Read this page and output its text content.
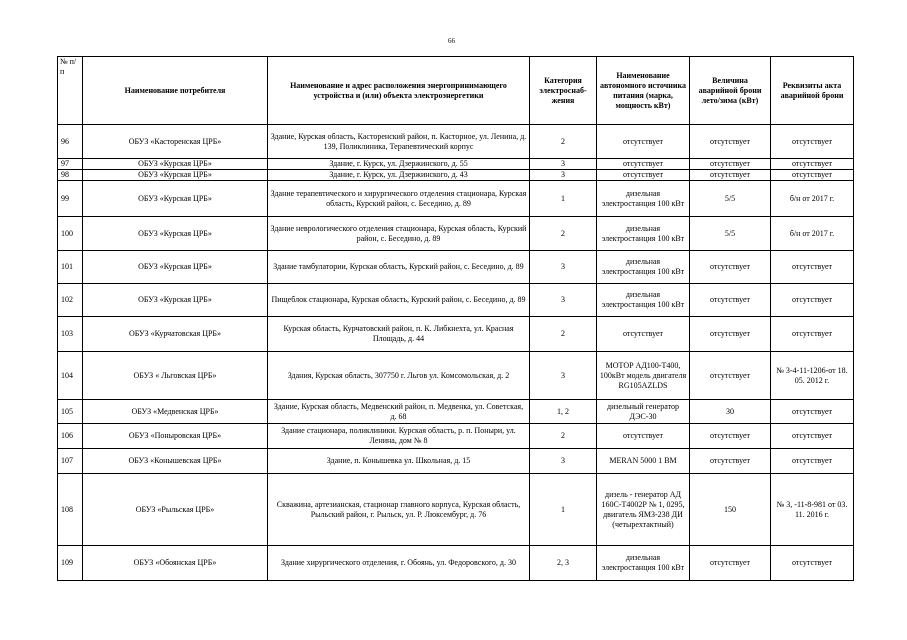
66
№ п/п	Наименование потребителя	Наименование и адрес расположения энергопринимающего устройства и (или) объекта электроэнергетики	Категория электроснаб-жения	Наименование автономного источника питания (марка, мощность кВт)	Величина аварийной брони лето/зима (кВт)	Реквизиты акта аварийной брони
96	ОБУЗ «Касторенская ЦРБ»	Здание, Курская область, Касторенский район, п. Касторное, ул. Ленина, д. 139, Поликлиника, Терапевтический корпус	2	отсутствует	отсутствует	отсутствует
97	ОБУЗ «Курская ЦРБ»	Здание, г. Курск, ул. Дзержинского, д. 55	3	отсутствует	отсутствует	отсутствует
98	ОБУЗ «Курская ЦРБ»	Здание, г. Курск, ул. Дзержинского, д. 43	3	отсутствует	отсутствует	отсутствует
99	ОБУЗ «Курская ЦРБ»	Здание терапевтического и хирургического отделения стационара, Курская область, Курский район, с. Беседино, д. 89	1	дизельная электростанция 100 кВт	5/5	б/н от 2017 г.
100	ОБУЗ «Курская ЦРБ»	Здание неврологического отделения стационара, Курская область, Курский район, с. Беседино, д. 89	2	дизельная электростанция 100 кВт	5/5	б/н от 2017 г.
101	ОБУЗ «Курская ЦРБ»	Здание тамбулатории, Курская область, Курский район, с. Беседино, д. 89	3	дизельная электростанция 100 кВт	отсутствует	отсутствует
102	ОБУЗ «Курская ЦРБ»	Пищеблок стационара, Курская область, Курский район, с. Беседино, д. 89	3	дизельная электростанция 100 кВт	отсутствует	отсутствует
103	ОБУЗ «Курчатовская ЦРБ»	Курская область, Курчатовский район, п. К. Либкнехта, ул. Красная Площадь, д. 44	2	отсутствует	отсутствует	отсутствует
104	ОБУЗ « Льговская ЦРБ»	Здания, Курская область, 307750 г. Льгов ул. Комсомольская, д. 2	3	МОТОР АД100-Т400, 100кВт модель двигателя RG105AZLDS	отсутствует	№ 3-4-11-1206-от 18. 05. 2012 г.
105	ОБУЗ «Медвенская ЦРБ»	Здание, Курская область, Медвенский район, п. Медвенка, ул. Советская, д. 68	1, 2	дизельный генератор ДЭС-30	30	отсутствует
106	ОБУЗ «Поныровская ЦРБ»	Здание стационара, поликлиники. Курская область, р. п. Поныри, ул. Ленина, дом № 8	2	отсутствует	отсутствует	отсутствует
107	ОБУЗ «Конышевская ЦРБ»	Здание, п. Конышевка ул. Школьная, д. 15	3	MERAN 5000 1 ВМ	отсутствует	отсутствует
108	ОБУЗ «Рыльская ЦРБ»	Скважина, артезианская, стационар главного корпуса, Курская область, Рыльский район, г. Рыльск, ул. Р. Люксембург, д. 76	1	дизель - генератор АД 160С-Т4002Р № 1, 0295, двигатель ЯМЗ-238 ДИ (четырехтактный)	150	№ 3, -11-8-981 от 03. 11. 2016 г.
109	ОБУЗ «Обоянская ЦРБ»	Здание хирургического отделения, г. Обоянь, ул. Федоровского, д. 30	2, 3	дизельная электростанция 100 кВт	отсутствует	отсутствует
